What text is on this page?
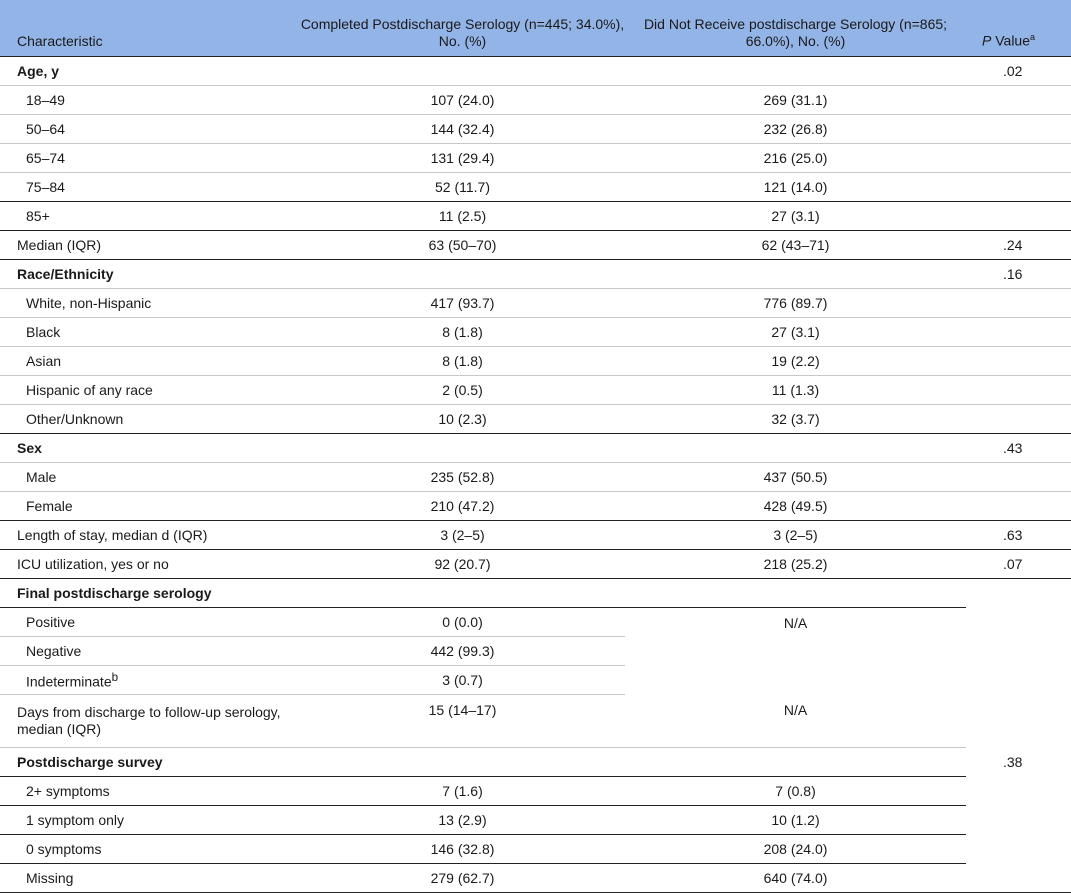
Characteristic	Completed Postdischarge Serology (n=445; 34.0%), No. (%)	Did Not Receive postdischarge Serology (n=865; 66.0%), No. (%)	P Value$^a$
Age, y			.02
18–49	107 (24.0)	269 (31.1)	
50–64	144 (32.4)	232 (26.8)	
65–74	131 (29.4)	216 (25.0)	
75–84	52 (11.7)	121 (14.0)	
85+	11 (2.5)	27 (3.1)	
Median (IQR)	63 (50–70)	62 (43–71)	.24
Race/Ethnicity			.16
White, non-Hispanic	417 (93.7)	776 (89.7)	
Black	8 (1.8)	27 (3.1)	
Asian	8 (1.8)	19 (2.2)	
Hispanic of any race	2 (0.5)	11 (1.3)	
Other/Unknown	10 (2.3)	32 (3.7)	
Sex			.43
Male	235 (52.8)	437 (50.5)	
Female	210 (47.2)	428 (49.5)	
Length of stay, median d (IQR)	3 (2–5)	3 (2–5)	.63
ICU utilization, yes or no	92 (20.7)	218 (25.2)	.07
Final postdischarge serology			
Positive	0 (0.0)	N/A	
Negative	442 (99.3)		
Indeterminate$^b$	3 (0.7)		
Days from discharge to follow-up serology, median (IQR)	15 (14–17)	N/A	
Postdischarge survey			.38
2+ symptoms	7 (1.6)	7 (0.8)	
1 symptom only	13 (2.9)	10 (1.2)	
0 symptoms	146 (32.8)	208 (24.0)	
Missing	279 (62.7)	640 (74.0)	
